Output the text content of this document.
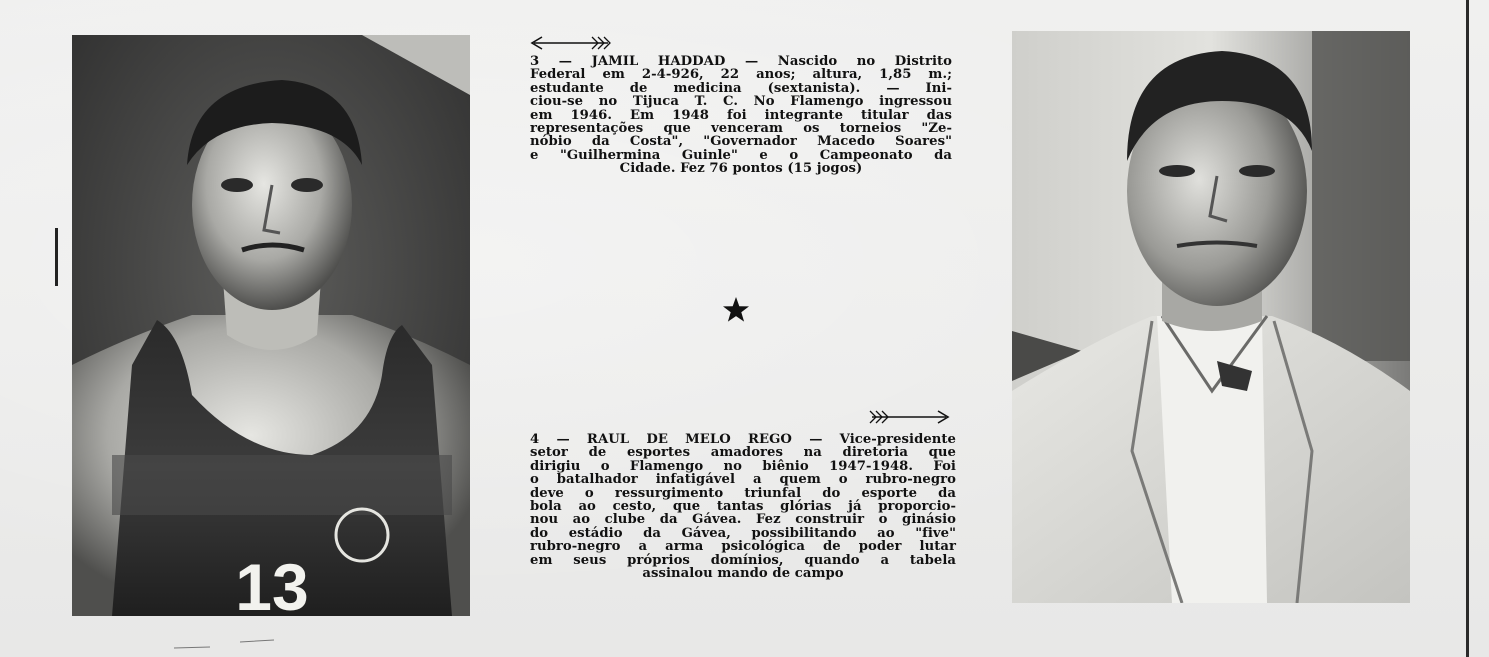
13
3 — JAMIL HADDAD — Nascido no Distrito
Federal em 2-4-926, 22 anos; altura, 1,85 m.;
estudante de medicina (sextanista). — Ini-
ciou-se no Tijuca T. C. No Flamengo ingressou
em 1946. Em 1948 foi integrante titular das
representações que venceram os torneios "Ze-
nóbio da Costa", "Governador Macedo Soares"
e "Guilhermina Guinle" e o Campeonato da
Cidade. Fez 76 pontos (15 jogos)
4 — RAUL DE MELO REGO — Vice-presidente
setor de esportes amadores na diretoria que
dirigiu o Flamengo no biênio 1947-1948. Foi
o batalhador infatigável a quem o rubro-negro
deve o ressurgimento triunfal do esporte da
bola ao cesto, que tantas glórias já proporcio-
nou ao clube da Gávea. Fez construir o ginásio
do estádio da Gávea, possibilitando ao "five"
rubro-negro a arma psicológica de poder lutar
em seus próprios domínios, quando a tabela
assinalou mando de campo
